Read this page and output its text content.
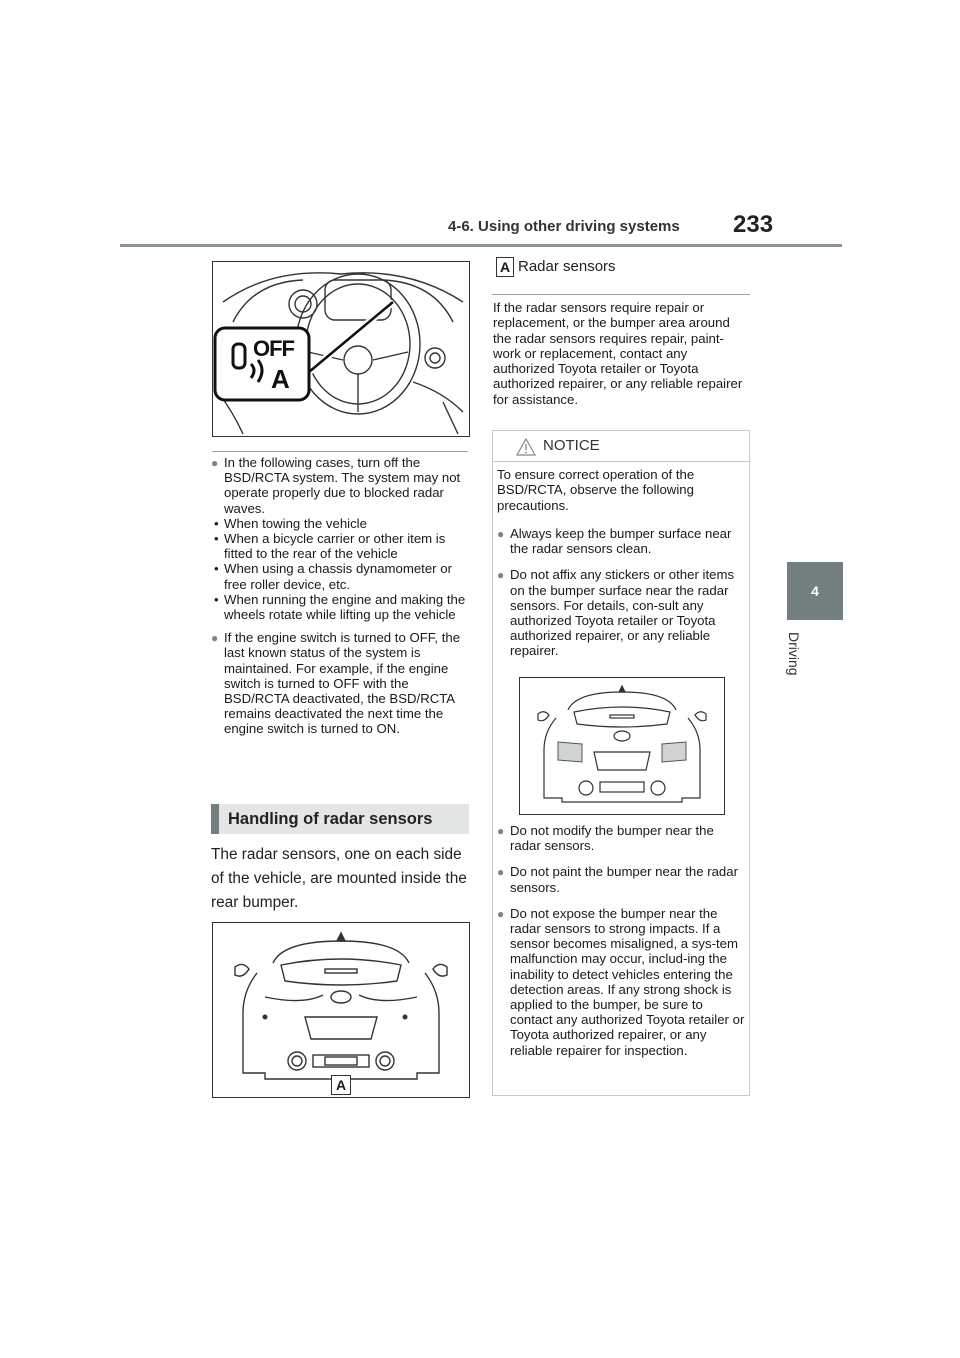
4-6. Using other driving systems 233
4
Driving
OFF
A
● In the following cases, turn off the BSD/RCTA system. The system may not operate properly due to blocked radar waves.
• When towing the vehicle
• When a bicycle carrier or other item is fitted to the rear of the vehicle
• When using a chassis dynamometer or free roller device, etc.
• When running the engine and making the wheels rotate while lifting up the vehicle
● If the engine switch is turned to OFF, the last known status of the system is maintained. For example, if the engine switch is turned to OFF with the BSD/RCTA deactivated, the BSD/RCTA remains deactivated the next time the engine switch is turned to ON.
Handling of radar sensors
The radar sensors, one on each side of the vehicle, are mounted inside the rear bumper.
A
A Radar sensors
If the radar sensors require repair or replacement, or the bumper area around the radar sensors requires repair, paint-work or replacement, contact any authorized Toyota retailer or Toyota authorized repairer, or any reliable repairer for assistance.
NOTICE
To ensure correct operation of the BSD/RCTA, observe the following precautions.
● Always keep the bumper surface near the radar sensors clean.
● Do not affix any stickers or other items on the bumper surface near the radar sensors. For details, con-sult any authorized Toyota retailer or Toyota authorized repairer, or any reliable repairer.
● Do not modify the bumper near the radar sensors.
● Do not paint the bumper near the radar sensors.
● Do not expose the bumper near the radar sensors to strong impacts. If a sensor becomes misaligned, a sys-tem malfunction may occur, includ-ing the inability to detect vehicles entering the detection areas. If any strong shock is applied to the bumper, be sure to contact any authorized Toyota retailer or Toyota authorized repairer, or any reliable repairer for inspection.
